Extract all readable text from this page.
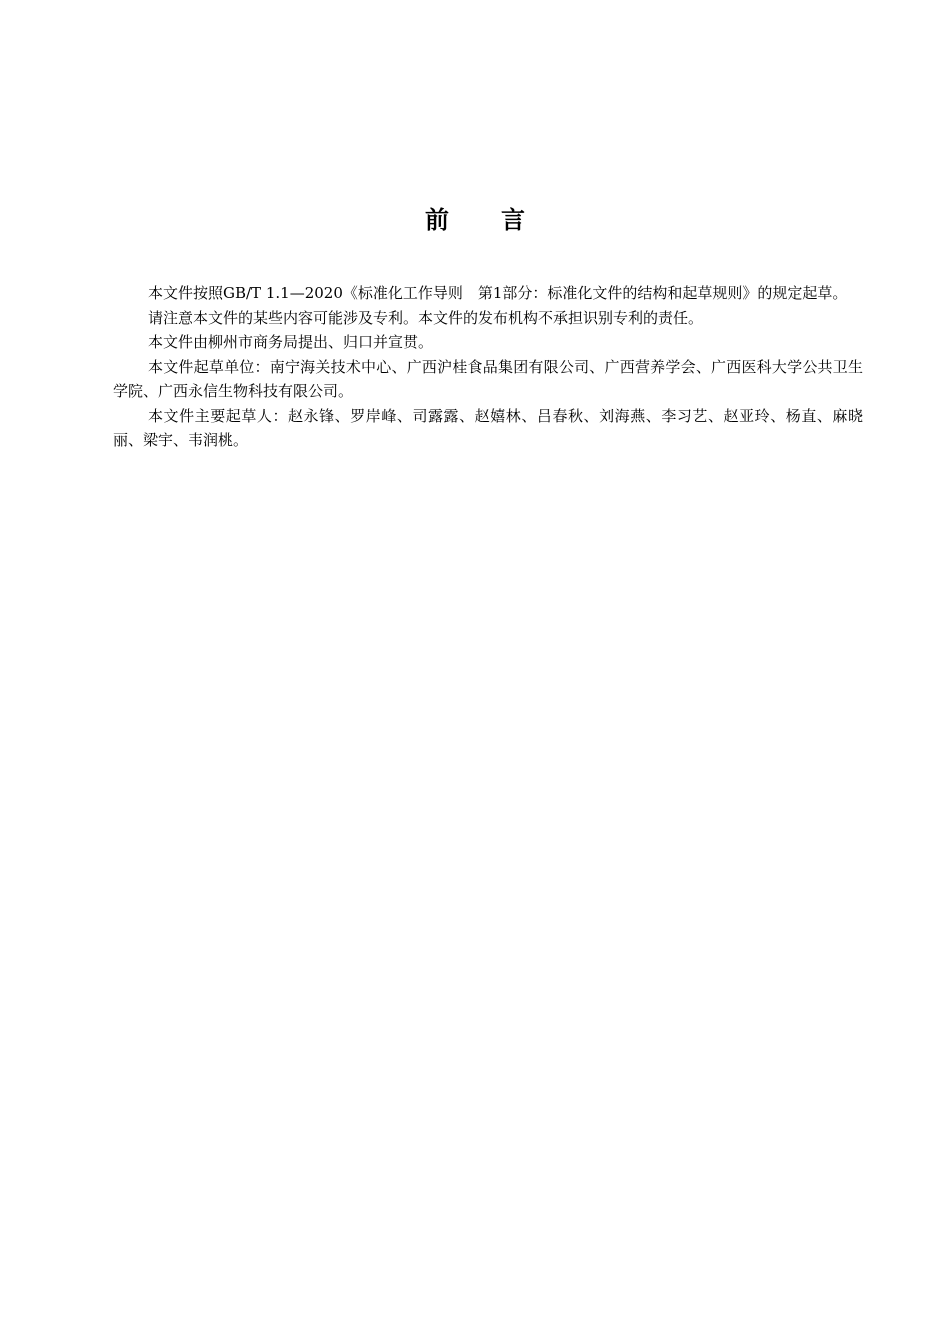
前 言

本文件按照GB/T 1.1—2020《标准化工作导则　第1部分：标准化文件的结构和起草规则》的规定起草。

请注意本文件的某些内容可能涉及专利。本文件的发布机构不承担识别专利的责任。

本文件由柳州市商务局提出、归口并宣贯。

本文件起草单位：南宁海关技术中心、广西沪桂食品集团有限公司、广西营养学会、广西医科大学公共卫生学院、广西永信生物科技有限公司。

本文件主要起草人：赵永锋、罗岸峰、司露露、赵嬉林、吕春秋、刘海燕、李习艺、赵亚玲、杨直、麻晓丽、梁宇、韦润桃。
